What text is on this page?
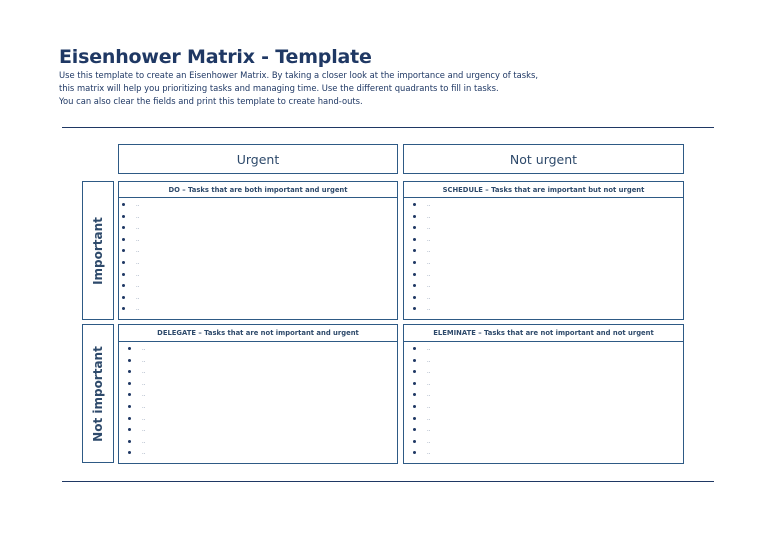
Eisenhower Matrix - Template
Use this template to create an Eisenhower Matrix. By taking a closer look at the importance and urgency of tasks,
this matrix will help you prioritizing tasks and managing time. Use the different quadrants to fill in tasks.
You can also clear the fields and print this template to create hand-outs.
Urgent	Not urgent
Important
Not important
DO – Tasks that are both important and urgent
..
..
..
..
..
..
..
..
..
..
SCHEDULE – Tasks that are important but not urgent
..
..
..
..
..
..
..
..
..
..
DELEGATE – Tasks that are not important and urgent
..
..
..
..
..
..
..
..
..
..
ELEMINATE – Tasks that are not important and not urgent
..
..
..
..
..
..
..
..
..
..
